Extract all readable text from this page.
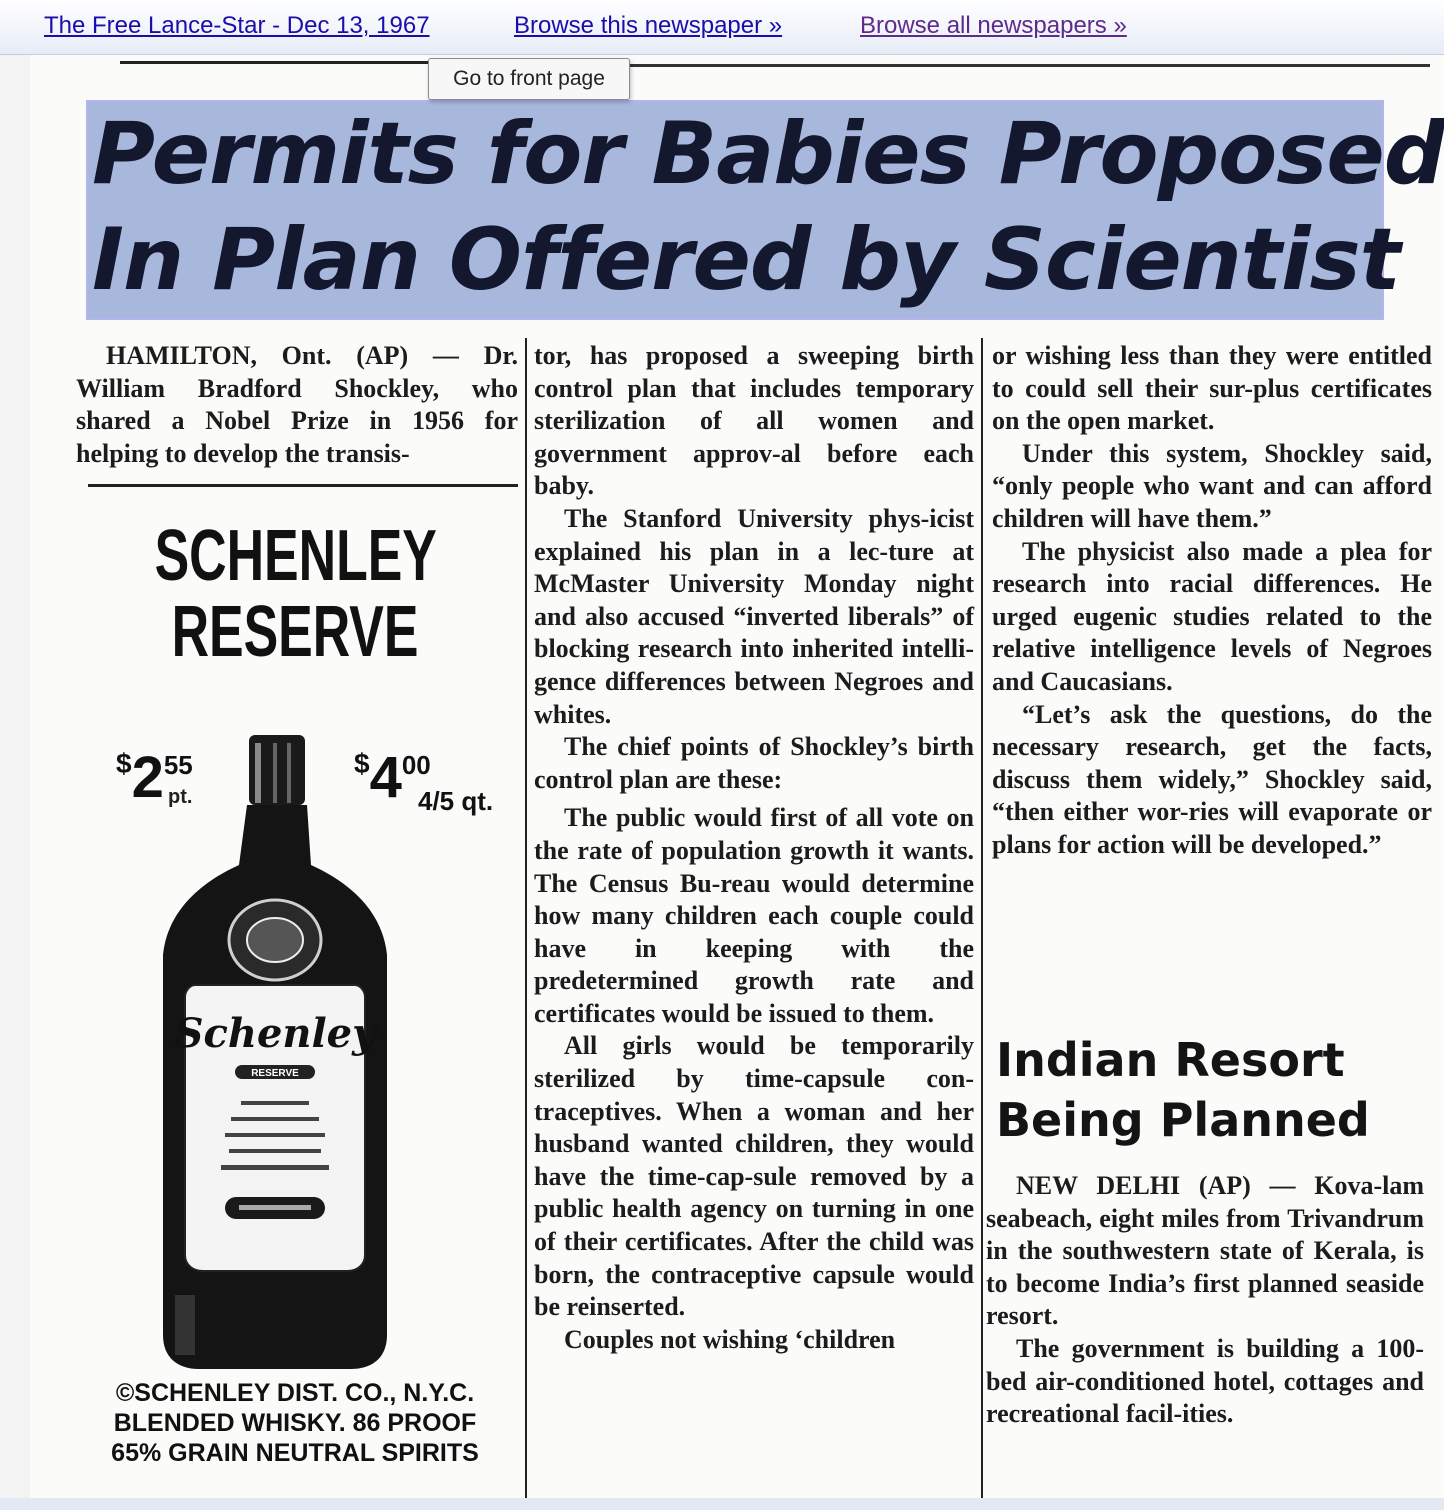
The Free Lance-Star - Dec 13, 1967	Browse this newspaper »	Browse all newspapers »
Go to front page
Permits for Babies Proposed
In Plan Offered by Scientist

HAMILTON, Ont. (AP) — Dr. William Bradford Shockley, who shared a Nobel Prize in 1956 for helping to develop the transis-

SCHENLEY
RESERVE
$^{\$}2^{55}$
pt.
$^{\$}4^{00}$
4/5 qt.
Schenley
RESERVE
©SCHENLEY DIST. CO., N.Y.C.
BLENDED WHISKY. 86 PROOF
65% GRAIN NEUTRAL SPIRITS

tor, has proposed a sweeping birth control plan that includes temporary sterilization of all women and government approv-al before each baby.

The Stanford University phys-icist explained his plan in a lec-ture at McMaster University Monday night and also accused “inverted liberals” of blocking research into inherited intelli-gence differences between Negroes and whites.

The chief points of Shockley’s birth control plan are these:

The public would first of all vote on the rate of population growth it wants. The Census Bu-reau would determine how many children each couple could have in keeping with the predetermined growth rate and certificates would be issued to them.

All girls would be temporarily sterilized by time-capsule con-traceptives. When a woman and her husband wanted children, they would have the time-cap-sule removed by a public health agency on turning in one of their certificates. After the child was born, the contraceptive capsule would be reinserted.

Couples not wishing ‘children

or wishing less than they were entitled to could sell their sur-plus certificates on the open market.

Under this system, Shockley said, “only people who want and can afford children will have them.”

The physicist also made a plea for research into racial differences. He urged eugenic studies related to the relative intelligence levels of Negroes and Caucasians.

“Let’s ask the questions, do the necessary research, get the facts, discuss them widely,” Shockley said, “then either wor-ries will evaporate or plans for action will be developed.”

Indian Resort
Being Planned

NEW DELHI (AP) — Kova-lam seabeach, eight miles from Trivandrum in the southwestern state of Kerala, is to become India’s first planned seaside resort.

The government is building a 100-bed air-conditioned hotel, cottages and recreational facil-ities.
